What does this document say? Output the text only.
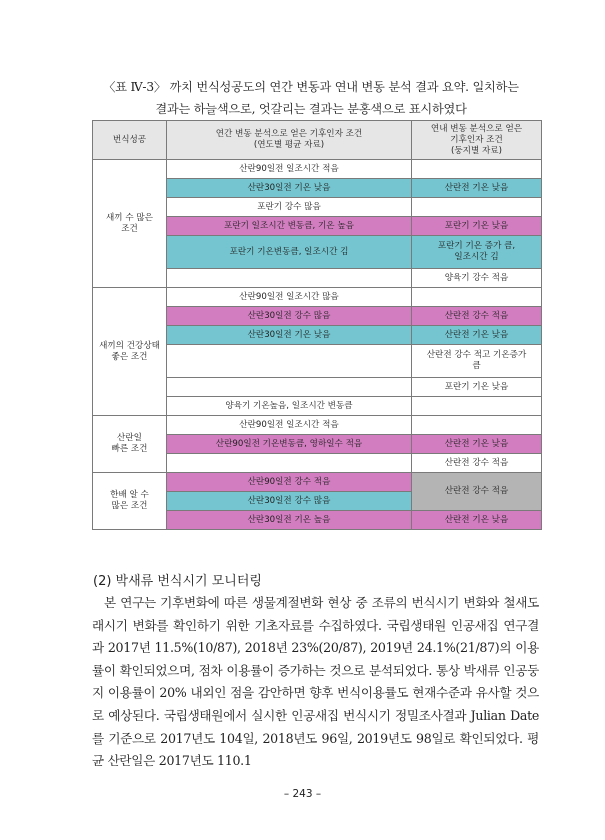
〈표 Ⅳ-3〉 까치 번식성공도의 연간 변동과 연내 변동 분석 결과 요약. 일치하는
결과는 하늘색으로, 엇갈리는 결과는 분홍색으로 표시하였다
번식성공	연간 변동 분석으로 얻은 기후인자 조건
(연도별 평균 자료)	연내 변동 분석으로 얻은
기후인자 조건
(둥지별 자료)
새끼 수 많은
조건	산란90일전 일조시간 적음	
	산란30일전 기온 낮음	산란전 기온 낮음
	포란기 강수 많음	
	포란기 일조시간 변동큼, 기온 높음	포란기 기온 낮음
	포란기 기온변동큼, 일조시간 김	포란기 기온 증가 큼,
일조시간 김
		양육기 강수 적음
새끼의 건강상태
좋은 조건	산란90일전 일조시간 많음	
	산란30일전 강수 많음	산란전 강수 적음
	산란30일전 기온 낮음	산란전 기온 낮음
		산란전 강수 적고 기온증가
큼
		포란기 기온 낮음
	양육기 기온높음, 일조시간 변동큼	
산란일
빠른 조건	산란90일전 일조시간 적음	
	산란90일전 기온변동큼, 영하일수 적음	산란전 기온 낮음
		산란전 강수 적음
한배 알 수
많은 조건	산란90일전 강수 적음	산란전 강수 적음
	산란30일전 강수 많음	
	산란30일전 기온 높음	산란전 기온 낮음
(2) 박새류 번식시기 모니터링
본 연구는 기후변화에 따른 생물계절변화 현상 중 조류의 번식시기 변화와 철새도래시기 변화를 확인하기 위한 기초자료를 수집하였다. 국립생태원 인공새집 연구결과 2017년 11.5%(10/87), 2018년 23%(20/87), 2019년 24.1%(21/87)의 이용률이 확인되었으며, 점차 이용률이 증가하는 것으로 분석되었다. 통상 박새류 인공둥지 이용률이 20% 내외인 점을 감안하면 향후 번식이용률도 현재수준과 유사할 것으로 예상된다. 국립생태원에서 실시한 인공새집 번식시기 정밀조사결과 Julian Date를 기준으로 2017년도 104일, 2018년도 96일, 2019년도 98일로 확인되었다. 평균 산란일은 2017년도 110.1
– 243 –
